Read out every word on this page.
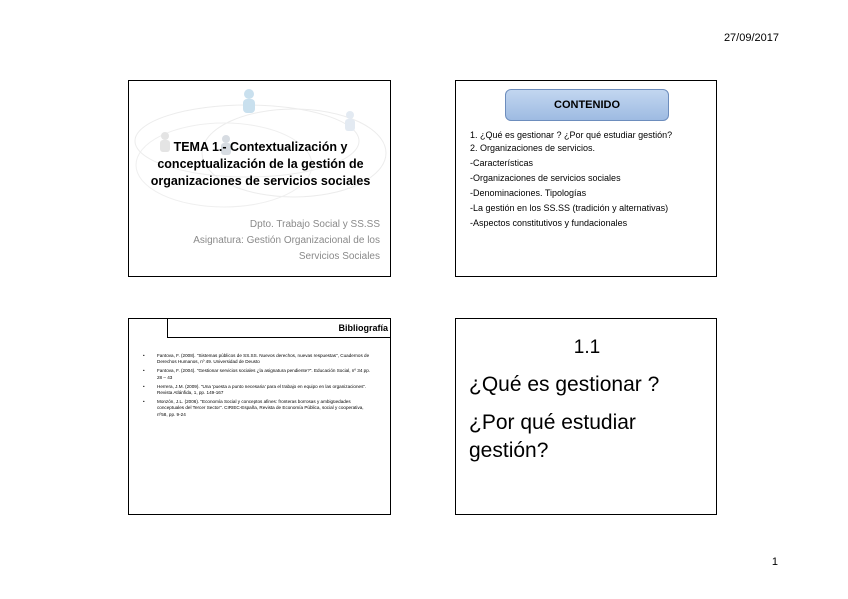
27/09/2017
TEMA 1.- Contextualización y
conceptualización de la gestión de
organizaciones de servicios sociales
Dpto. Trabajo Social y SS.SS
Asignatura: Gestión Organizacional de los
Servicios Sociales
CONTENIDO
1. ¿Qué es gestionar ? ¿Por qué estudiar gestión?
2. Organizaciones de servicios.
-Características
-Organizaciones de servicios sociales
-Denominaciones. Tipologías
-La gestión en los SS.SS (tradición y alternativas)
-Aspectos constitutivos y fundacionales
Bibliografía
•	Fantova, F. (2008). "Sistemas públicos de SS.SS. Nuevos derechos, nuevas respuestas", Cuadernos de Derechos Humanos, nº 49. Universidad de Deusto
•	Fantova, F. (2004). "Gestionar servicios sociales ¿la asignatura pendiente?". Educación Social, nº 34 pp. 28 – 43
•	Herrera, J.M. (2009). "Una 'puesta a punto necesaria' para el trabajo en equipo en las organizaciones". Revista Atlánfida, 1, pp. 149-167
•	Monzón, J.L. (2006). "Economía Social y conceptos afines: fronteras borrosas y ambigüedades conceptuales del Tercer Sector". CIRIEC-España, Revista de Economía Pública, social y cooperativa, nº58, pp. 9-24
1.1
¿Qué es gestionar ?
¿Por qué estudiar gestión?
1
